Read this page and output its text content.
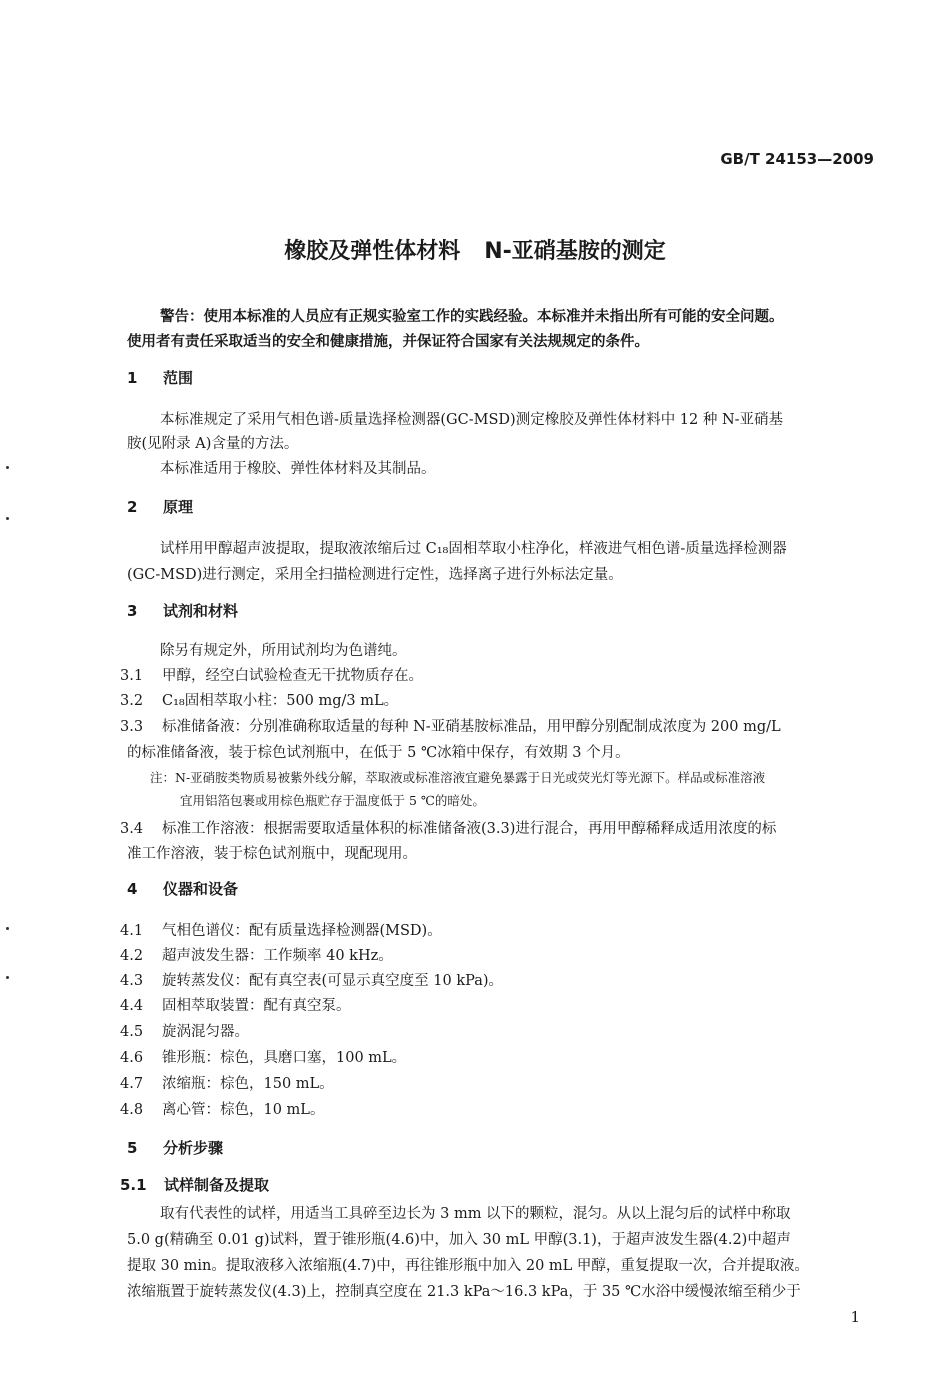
GB/T 24153—2009
橡胶及弹性体材料 N-亚硝基胺的测定
警告：使用本标准的人员应有正规实验室工作的实践经验。本标准并未指出所有可能的安全问题。
使用者有责任采取适当的安全和健康措施，并保证符合国家有关法规规定的条件。
1 范围
本标准规定了采用气相色谱-质量选择检测器(GC-MSD)测定橡胶及弹性体材料中 12 种 N-亚硝基
胺(见附录 A)含量的方法。
本标准适用于橡胶、弹性体材料及其制品。
2 原理
试样用甲醇超声波提取，提取液浓缩后过 C₁₈固相萃取小柱净化，样液进气相色谱-质量选择检测器
(GC-MSD)进行测定，采用全扫描检测进行定性，选择离子进行外标法定量。
3 试剂和材料
除另有规定外，所用试剂均为色谱纯。
3.1 甲醇，经空白试验检查无干扰物质存在。
3.2 C₁₈固相萃取小柱：500 mg/3 mL。
3.3 标准储备液：分别准确称取适量的每种 N-亚硝基胺标准品，用甲醇分别配制成浓度为 200 mg/L
的标准储备液，装于棕色试剂瓶中，在低于 5 ℃冰箱中保存，有效期 3 个月。
注：N-亚硝胺类物质易被紫外线分解，萃取液或标准溶液宜避免暴露于日光或荧光灯等光源下。样品或标准溶液
宜用铝箔包裹或用棕色瓶贮存于温度低于 5 ℃的暗处。
3.4 标准工作溶液：根据需要取适量体积的标准储备液(3.3)进行混合，再用甲醇稀释成适用浓度的标
准工作溶液，装于棕色试剂瓶中，现配现用。
4 仪器和设备
4.1 气相色谱仪：配有质量选择检测器(MSD)。
4.2 超声波发生器：工作频率 40 kHz。
4.3 旋转蒸发仪：配有真空表(可显示真空度至 10 kPa)。
4.4 固相萃取装置：配有真空泵。
4.5 旋涡混匀器。
4.6 锥形瓶：棕色，具磨口塞，100 mL。
4.7 浓缩瓶：棕色，150 mL。
4.8 离心管：棕色，10 mL。
5 分析步骤
5.1 试样制备及提取
取有代表性的试样，用适当工具碎至边长为 3 mm 以下的颗粒，混匀。从以上混匀后的试样中称取
5.0 g(精确至 0.01 g)试料，置于锥形瓶(4.6)中，加入 30 mL 甲醇(3.1)，于超声波发生器(4.2)中超声
提取 30 min。提取液移入浓缩瓶(4.7)中，再往锥形瓶中加入 20 mL 甲醇，重复提取一次，合并提取液。
浓缩瓶置于旋转蒸发仪(4.3)上，控制真空度在 21.3 kPa～16.3 kPa，于 35 ℃水浴中缓慢浓缩至稍少于
1
